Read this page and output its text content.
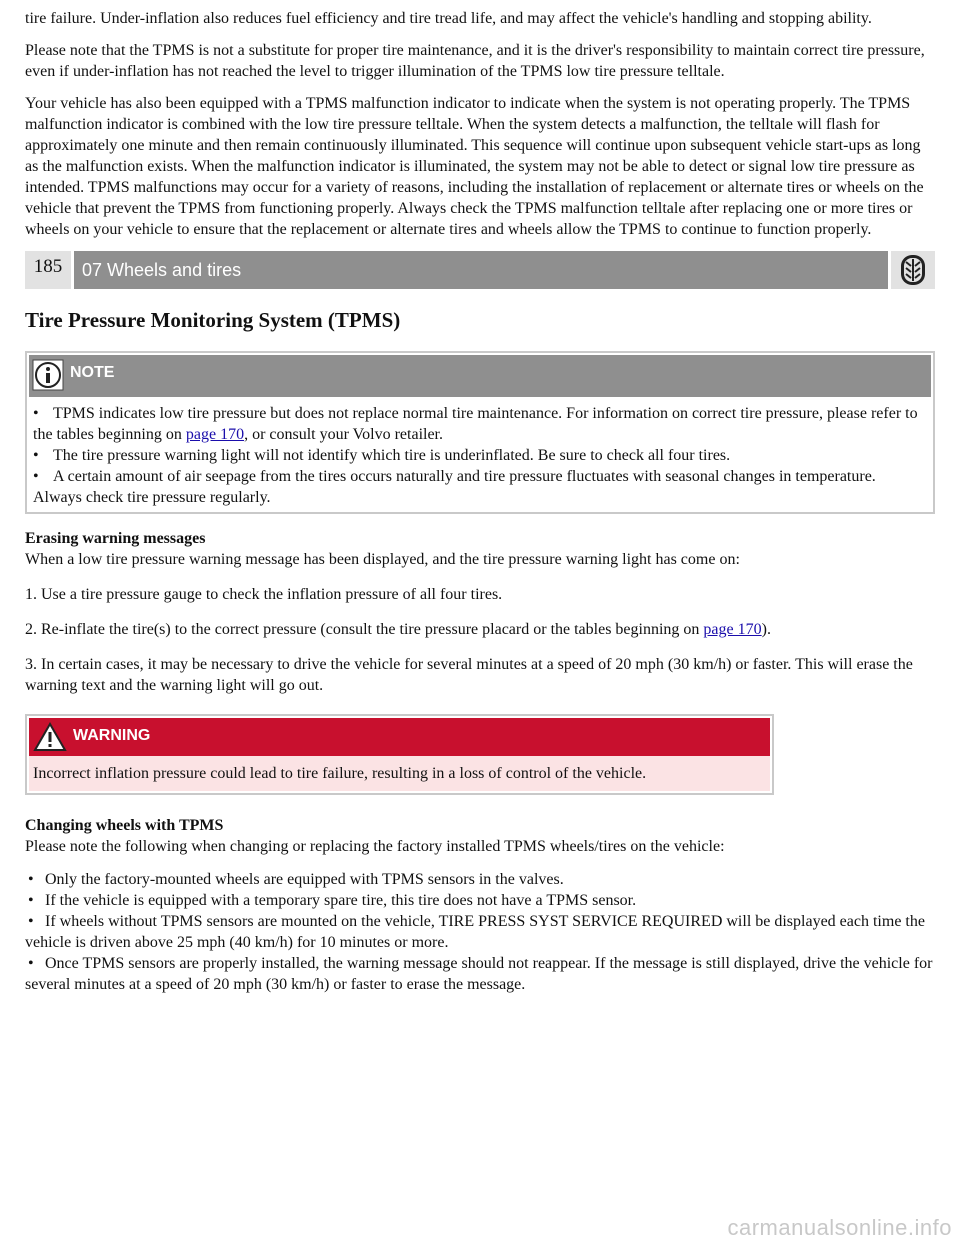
tire failure. Under-inflation also reduces fuel efficiency and tire tread life, and may affect the vehicle's handling and stopping ability.

Please note that the TPMS is not a substitute for proper tire maintenance, and it is the driver's responsibility to maintain correct tire pressure, even if under-inflation has not reached the level to trigger illumination of the TPMS low tire pressure telltale.

Your vehicle has also been equipped with a TPMS malfunction indicator to indicate when the system is not operating properly. The TPMS malfunction indicator is combined with the low tire pressure telltale. When the system detects a malfunction, the telltale will flash for approximately one minute and then remain continuously illuminated. This sequence will continue upon subsequent vehicle start-ups as long as the malfunction exists. When the malfunction indicator is illuminated, the system may not be able to detect or signal low tire pressure as intended. TPMS malfunctions may occur for a variety of reasons, including the installation of replacement or alternate tires or wheels on the vehicle that prevent the TPMS from functioning properly. Always check the TPMS malfunction telltale after replacing one or more tires or wheels on your vehicle to ensure that the replacement or alternate tires and wheels allow the TPMS to continue to function properly.

185	07 Wheels and tires
Tire Pressure Monitoring System (TPMS)
NOTE
• TPMS indicates low tire pressure but does not replace normal tire maintenance. For information on correct tire pressure, please refer to the tables beginning on page 170, or consult your Volvo retailer.
• The tire pressure warning light will not identify which tire is underinflated. Be sure to check all four tires.
• A certain amount of air seepage from the tires occurs naturally and tire pressure fluctuates with seasonal changes in temperature. Always check tire pressure regularly.
Erasing warning messages

When a low tire pressure warning message has been displayed, and the tire pressure warning light has come on:

1. Use a tire pressure gauge to check the inflation pressure of all four tires.

2. Re-inflate the tire(s) to the correct pressure (consult the tire pressure placard or the tables beginning on page 170).

3. In certain cases, it may be necessary to drive the vehicle for several minutes at a speed of 20 mph (30 km/h) or faster. This will erase the warning text and the warning light will go out.

WARNING
Incorrect inflation pressure could lead to tire failure, resulting in a loss of control of the vehicle.
Changing wheels with TPMS

Please note the following when changing or replacing the factory installed TPMS wheels/tires on the vehicle:

• Only the factory-mounted wheels are equipped with TPMS sensors in the valves.
• If the vehicle is equipped with a temporary spare tire, this tire does not have a TPMS sensor.
• If wheels without TPMS sensors are mounted on the vehicle, TIRE PRESS SYST SERVICE REQUIRED will be displayed each time the vehicle is driven above 25 mph (40 km/h) for 10 minutes or more.
• Once TPMS sensors are properly installed, the warning message should not reappear. If the message is still displayed, drive the vehicle for several minutes at a speed of 20 mph (30 km/h) or faster to erase the message.
carmanualsonline.info
